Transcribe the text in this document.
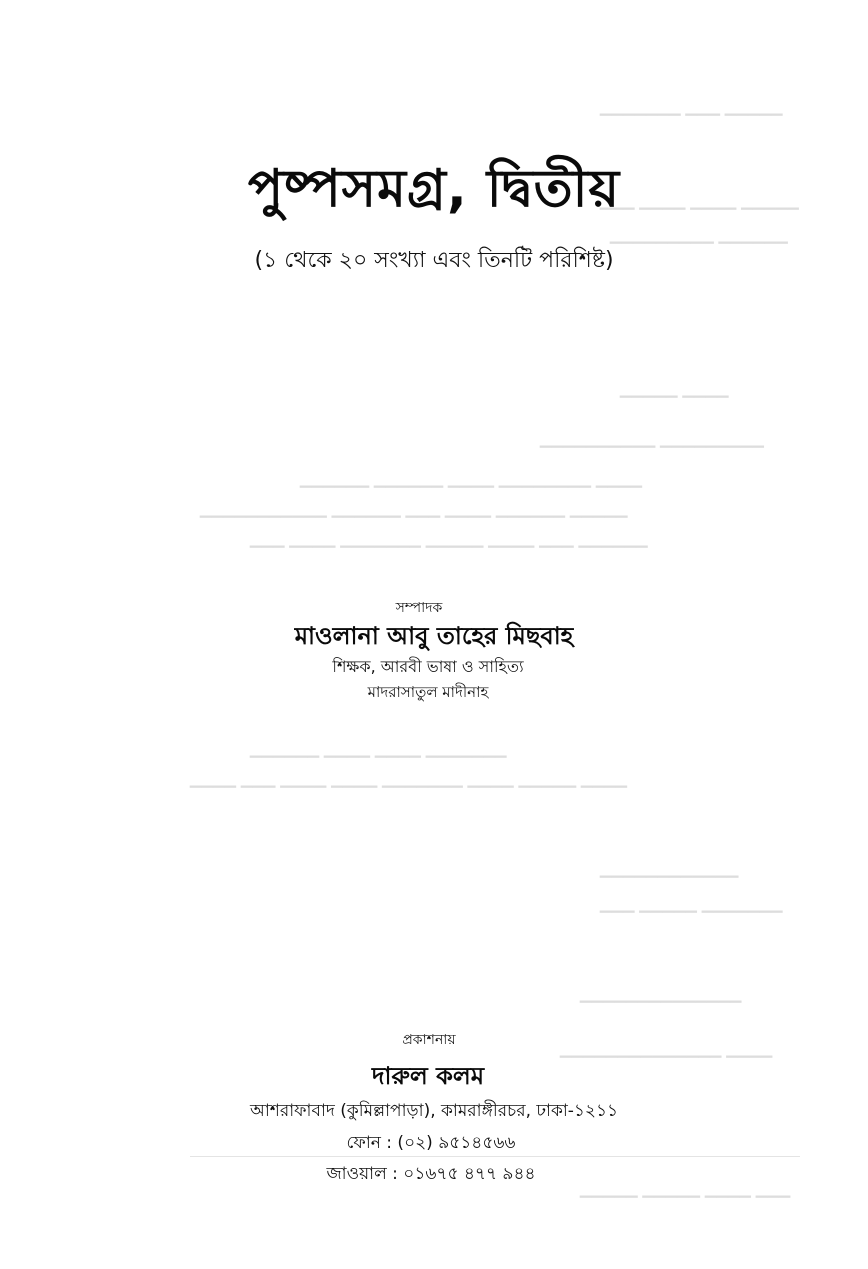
▁▁▁▁▁ ▁▁▁ ▁▁▁▁▁▁▁
▁▁▁▁▁ ▁▁▁▁ ▁▁▁▁ ▁▁▁
▁▁▁▁▁▁ ▁▁▁▁▁▁▁▁▁
▁▁▁▁ ▁▁▁▁▁
▁▁▁▁▁▁▁▁▁ ▁▁▁▁▁▁▁▁▁▁
▁▁▁▁ ▁▁▁▁▁▁▁▁ ▁▁▁▁ ▁▁▁▁▁▁ ▁▁▁▁▁▁
▁▁▁▁▁ ▁▁▁▁▁▁ ▁▁▁▁ ▁▁▁ ▁▁▁▁▁▁ ▁▁▁▁▁▁▁▁▁▁▁
▁▁▁▁▁▁ ▁▁▁ ▁▁▁▁ ▁▁▁▁▁ ▁▁▁▁▁▁▁ ▁▁▁▁ ▁▁▁
▁▁▁▁▁▁▁ ▁▁▁▁ ▁▁▁▁ ▁▁▁▁▁▁
▁▁▁▁ ▁▁▁▁▁ ▁▁▁▁ ▁▁▁▁▁▁▁ ▁▁▁▁ ▁▁▁▁ ▁▁▁ ▁▁▁▁
▁▁▁▁▁▁▁▁▁▁▁▁
▁▁▁▁▁▁▁ ▁▁▁▁▁ ▁▁▁
▁▁▁▁▁▁▁▁▁▁▁▁▁▁
▁▁▁▁ ▁▁▁▁▁▁▁▁▁▁▁▁▁▁
▁▁▁ ▁▁▁▁ ▁▁▁▁▁ ▁▁▁▁▁
পুষ্পসমগ্র, দ্বিতীয়
(১ থেকে ২০ সংখ্যা এবং তিনটি পরিশিষ্ট)
সম্পাদক
মাওলানা আবু তাহের মিছবাহ
শিক্ষক, আরবী ভাষা ও সাহিত্য
মাদরাসাতুল মাদীনাহ
প্রকাশনায়
দারুল কলম
আশরাফাবাদ (কুমিল্লাপাড়া), কামরাঙ্গীরচর, ঢাকা-১২১১
ফোন : (০২) ৯৫১৪৫৬৬
জাওয়াল : ০১৬৭৫ ৪৭৭ ৯৪৪
